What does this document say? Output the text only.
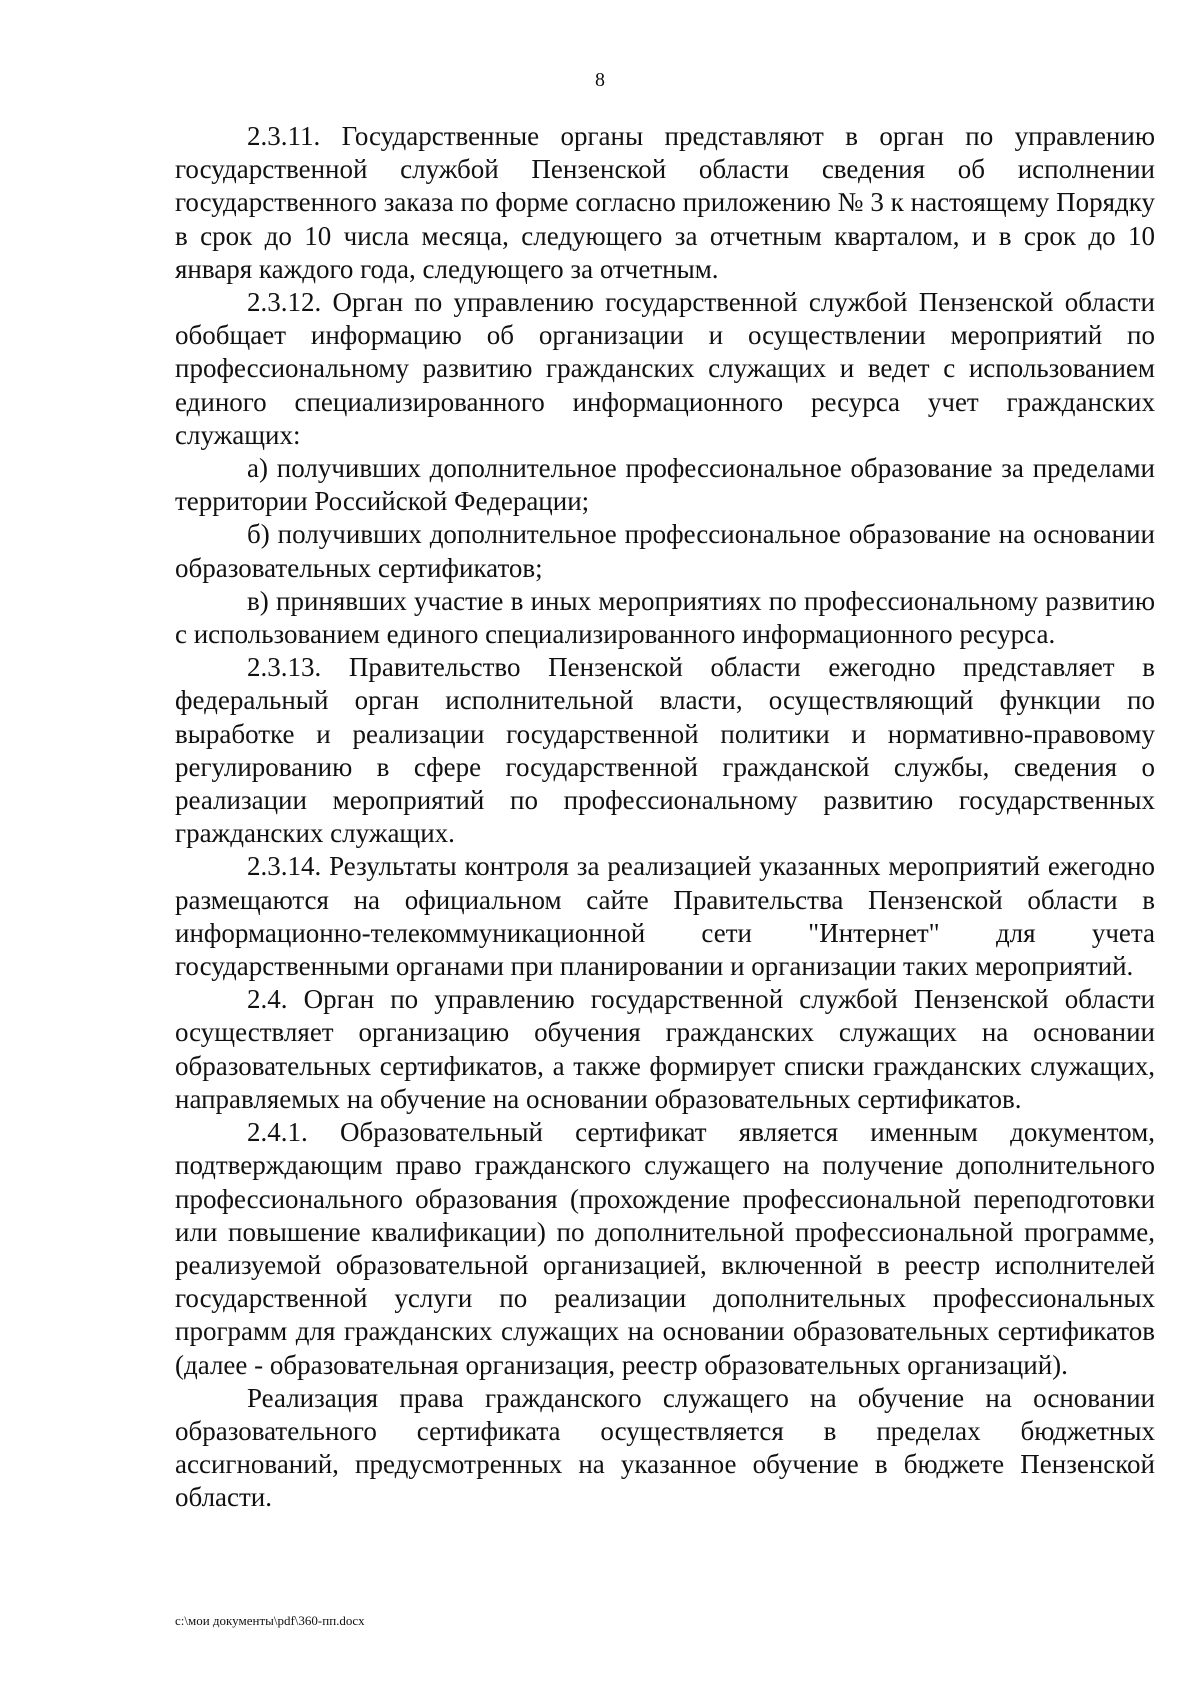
8

2.3.11. Государственные органы представляют в орган по управлению государственной службой Пензенской области сведения об исполнении государственного заказа по форме согласно приложению № 3 к настоящему Порядку в срок до 10 числа месяца, следующего за отчетным кварталом, и в срок до 10 января каждого года, следующего за отчетным.

2.3.12. Орган по управлению государственной службой Пензенской области обобщает информацию об организации и осуществлении мероприятий по профессиональному развитию гражданских служащих и ведет с использованием единого специализированного информационного ресурса учет гражданских служащих:

а) получивших дополнительное профессиональное образование за пределами территории Российской Федерации;

б) получивших дополнительное профессиональное образование на основании образовательных сертификатов;

в) принявших участие в иных мероприятиях по профессиональному развитию с использованием единого специализированного информационного ресурса.

2.3.13. Правительство Пензенской области ежегодно представляет в федеральный орган исполнительной власти, осуществляющий функции по выработке и реализации государственной политики и нормативно-правовому регулированию в сфере государственной гражданской службы, сведения о реализации мероприятий по профессиональному развитию государственных гражданских служащих.

2.3.14. Результаты контроля за реализацией указанных мероприятий ежегодно размещаются на официальном сайте Правительства Пензенской области в информационно-телекоммуникационной сети "Интернет" для учета государственными органами при планировании и организации таких мероприятий.

2.4. Орган по управлению государственной службой Пензенской области осуществляет организацию обучения гражданских служащих на основании образовательных сертификатов, а также формирует списки гражданских служащих, направляемых на обучение на основании образовательных сертификатов.

2.4.1. Образовательный сертификат является именным документом, подтверждающим право гражданского служащего на получение дополнительного профессионального образования (прохождение профессиональной переподготовки или повышение квалификации) по дополнительной профессиональной программе, реализуемой образовательной организацией, включенной в реестр исполнителей государственной услуги по реализации дополнительных профессиональных программ для гражданских служащих на основании образовательных сертификатов (далее - образовательная организация, реестр образовательных организаций).

Реализация права гражданского служащего на обучение на основании образовательного сертификата осуществляется в пределах бюджетных ассигнований, предусмотренных на указанное обучение в бюджете Пензенской области.

c:\мои документы\pdf\360-пп.docx
